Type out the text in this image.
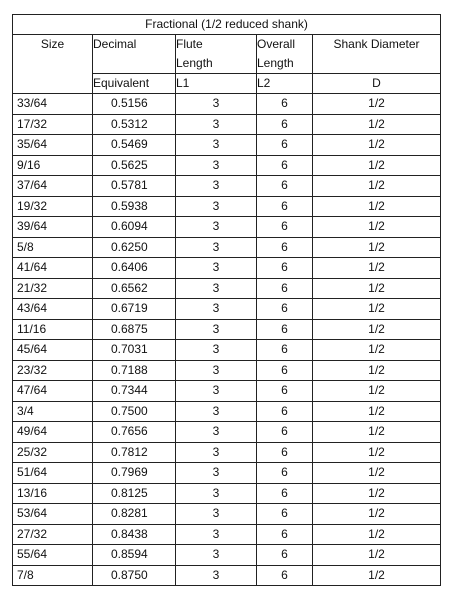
Fractional (1/2 reduced shank)				
Size	Decimal	Flute	Overall	Shank Diameter
		Length	Length	
	Equivalent	L1	L2	D
33/64	0.5156	3	6	1/2
17/32	0.5312	3	6	1/2
35/64	0.5469	3	6	1/2
9/16	0.5625	3	6	1/2
37/64	0.5781	3	6	1/2
19/32	0.5938	3	6	1/2
39/64	0.6094	3	6	1/2
5/8	0.6250	3	6	1/2
41/64	0.6406	3	6	1/2
21/32	0.6562	3	6	1/2
43/64	0.6719	3	6	1/2
11/16	0.6875	3	6	1/2
45/64	0.7031	3	6	1/2
23/32	0.7188	3	6	1/2
47/64	0.7344	3	6	1/2
3/4	0.7500	3	6	1/2
49/64	0.7656	3	6	1/2
25/32	0.7812	3	6	1/2
51/64	0.7969	3	6	1/2
13/16	0.8125	3	6	1/2
53/64	0.8281	3	6	1/2
27/32	0.8438	3	6	1/2
55/64	0.8594	3	6	1/2
7/8	0.8750	3	6	1/2
